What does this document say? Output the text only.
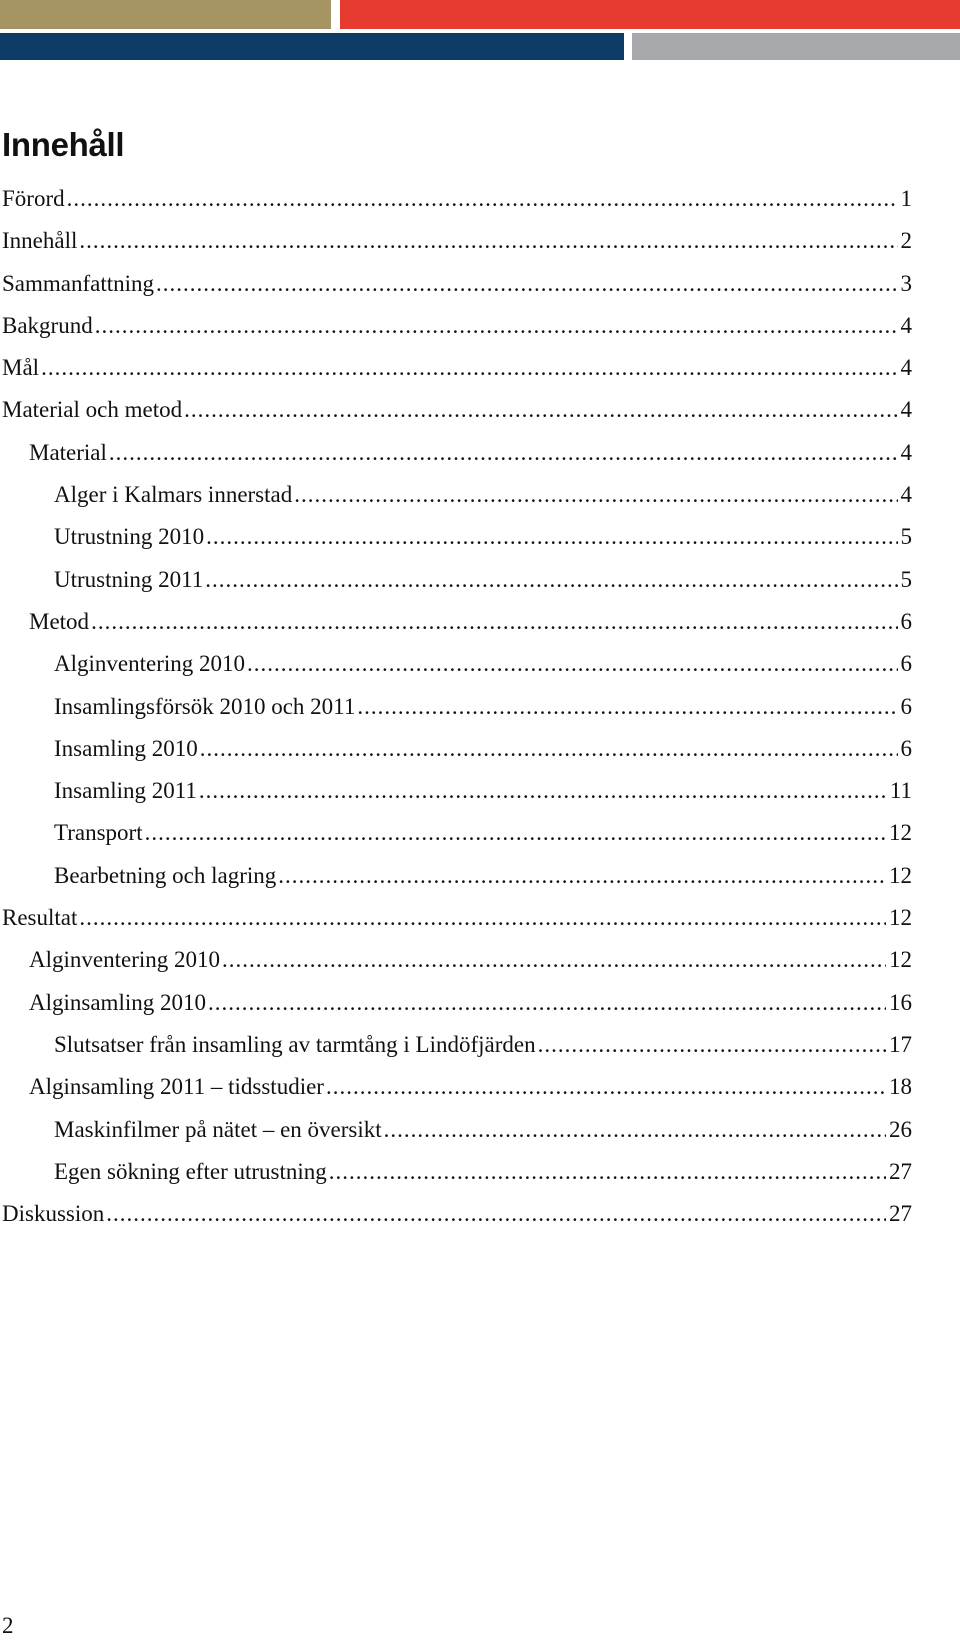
Innehåll
Förord .....	1
Innehåll .....	2
Sammanfattning .....	3
Bakgrund .....	4
Mål .....	4
Material och metod .....	4
Material .....	4
Alger i Kalmars innerstad .....	4
Utrustning 2010 .....	5
Utrustning 2011 .....	5
Metod .....	6
Alginventering 2010 .....	6
Insamlingsförsök 2010 och 2011 .....	6
Insamling 2010 .....	6
Insamling 2011 .....	11
Transport .....	12
Bearbetning och lagring .....	12
Resultat .....	12
Alginventering 2010 .....	12
Alginsamling 2010 .....	16
Slutsatser från insamling av tarmtång i Lindöfjärden .....	17
Alginsamling 2011 – tidsstudier .....	18
Maskinfilmer på nätet – en översikt .....	26
Egen sökning efter utrustning .....	27
Diskussion .....	27
2
